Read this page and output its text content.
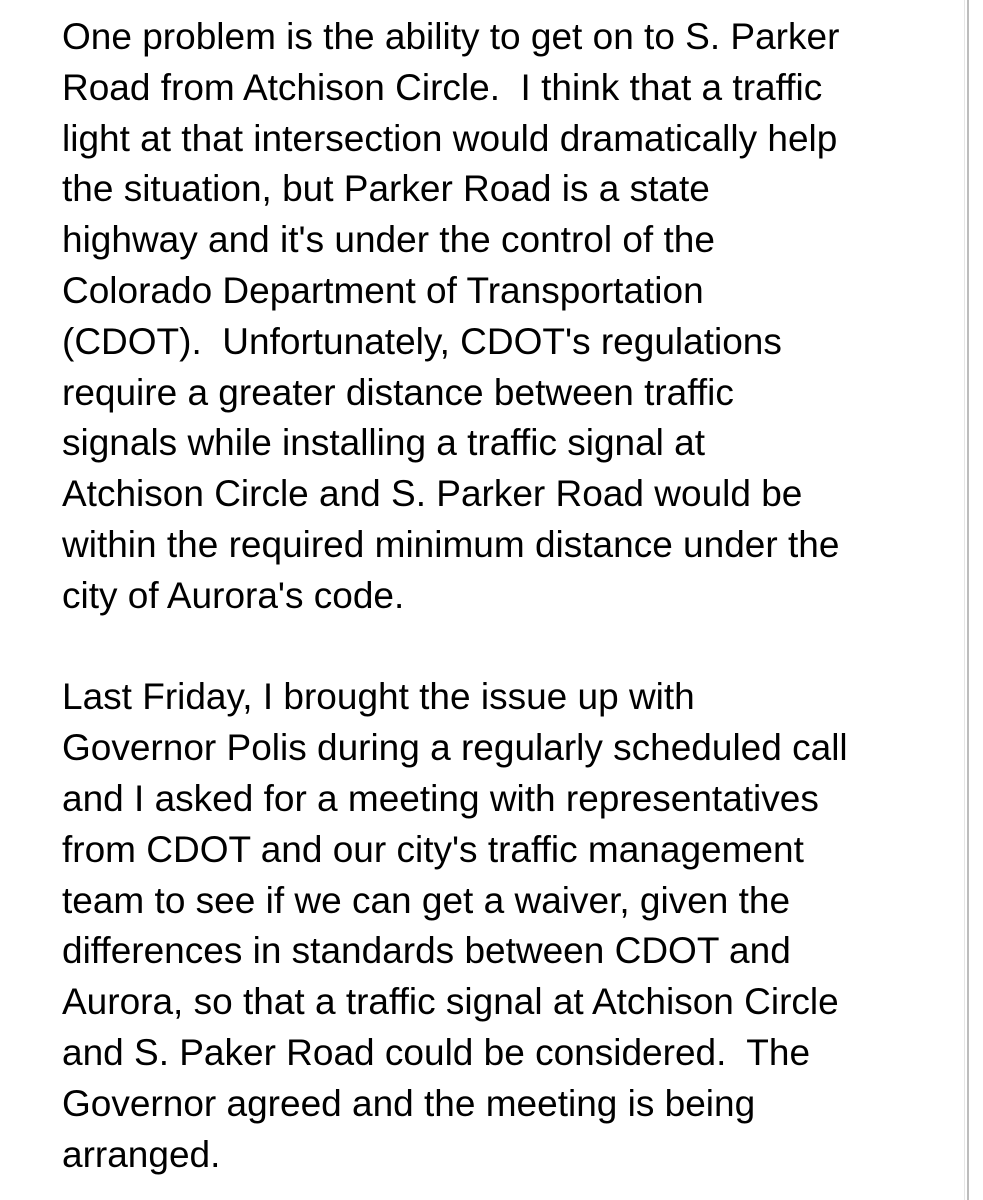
One problem is the ability to get on to S. Parker
Road from Atchison Circle.  I think that a traffic
light at that intersection would dramatically help
the situation, but Parker Road is a state
highway and it's under the control of the
Colorado Department of Transportation
(CDOT).  Unfortunately, CDOT's regulations
require a greater distance between traffic
signals while installing a traffic signal at
Atchison Circle and S. Parker Road would be
within the required minimum distance under the
city of Aurora's code.
Last Friday, I brought the issue up with
Governor Polis during a regularly scheduled call
and I asked for a meeting with representatives
from CDOT and our city's traffic management
team to see if we can get a waiver, given the
differences in standards between CDOT and
Aurora, so that a traffic signal at Atchison Circle
and S. Paker Road could be considered.  The
Governor agreed and the meeting is being
arranged.
